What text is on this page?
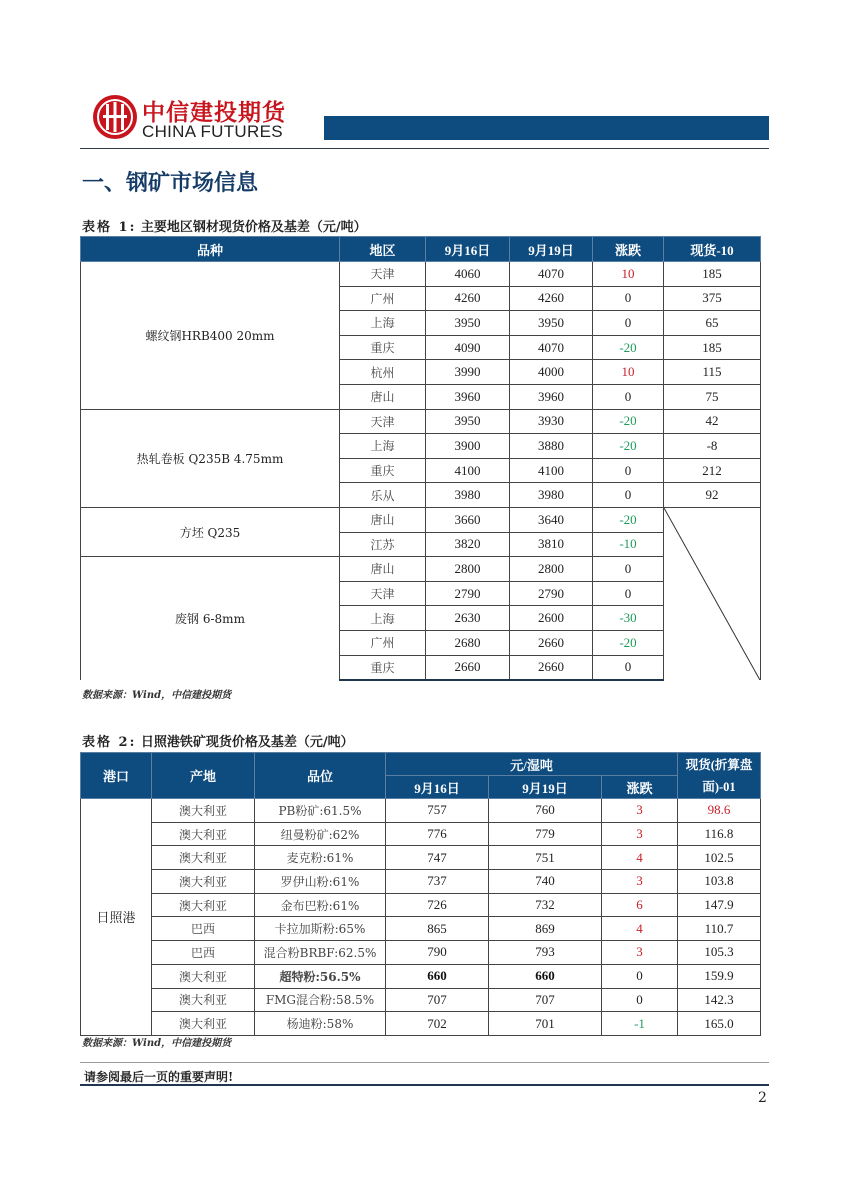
中信建投期货
CHINA FUTURES
一、钢矿市场信息
表格 1: 主要地区钢材现货价格及基差（元/吨）
品种	地区	9月16日	9月19日	涨跌	现货-10
螺纹钢HRB400 20mm	天津	4060	4070	10	185
	广州	4260	4260	0	375
	上海	3950	3950	0	65
	重庆	4090	4070	-20	185
	杭州	3990	4000	10	115
	唐山	3960	3960	0	75
热轧卷板 Q235B 4.75mm	天津	3950	3930	-20	42
	上海	3900	3880	-20	-8
	重庆	4100	4100	0	212
	乐从	3980	3980	0	92
方坯 Q235	唐山	3660	3640	-20	

	江苏	3820	3810	-10	
废钢 6-8mm	唐山	2800	2800	0	
	天津	2790	2790	0	
	上海	2630	2600	-30	
	广州	2680	2660	-20	
	重庆	2660	2660	0	
数据来源：Wind，中信建投期货
表格 2: 日照港铁矿现货价格及基差（元/吨）
港口	产地	品位	元/湿吨			现货(折算盘面)-01
			9月16日	9月19日	涨跌	
日照港	澳大利亚	PB粉矿:61.5%	757	760	3	98.6
	澳大利亚	纽曼粉矿:62%	776	779	3	116.8
	澳大利亚	麦克粉:61%	747	751	4	102.5
	澳大利亚	罗伊山粉:61%	737	740	3	103.8
	澳大利亚	金布巴粉:61%	726	732	6	147.9
	巴西	卡拉加斯粉:65%	865	869	4	110.7
	巴西	混合粉BRBF:62.5%	790	793	3	105.3
	澳大利亚	超特粉:56.5%	660	660	0	159.9
	澳大利亚	FMG混合粉:58.5%	707	707	0	142.3
	澳大利亚	杨迪粉:58%	702	701	-1	165.0
数据来源：Wind，中信建投期货
请参阅最后一页的重要声明!
2
